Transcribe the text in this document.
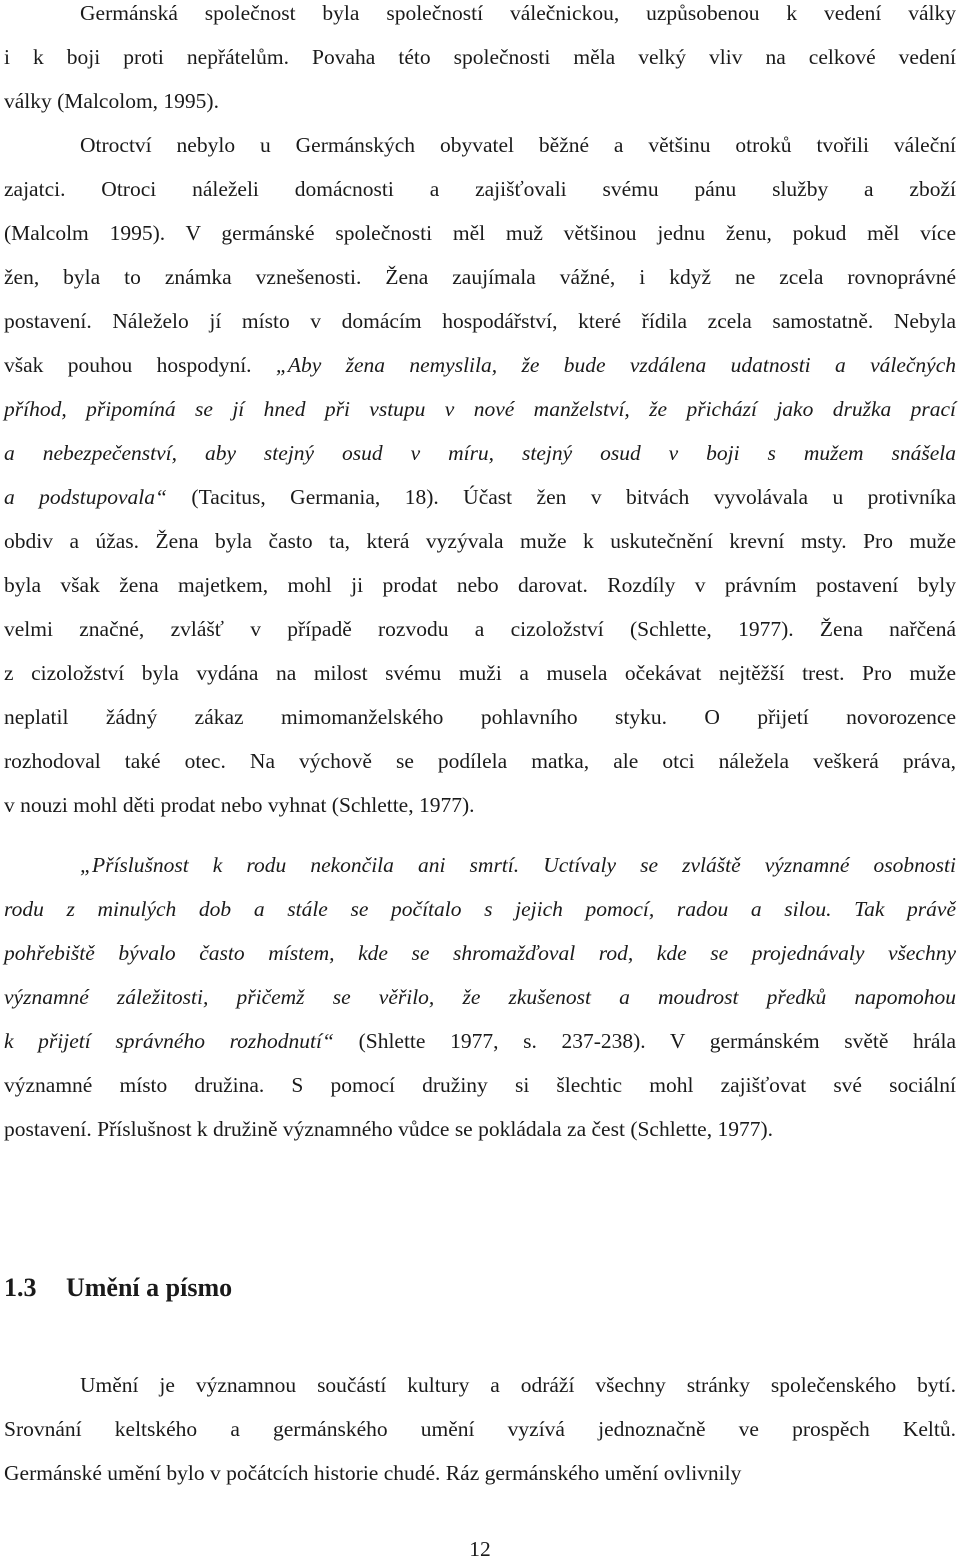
Germánská společnost byla společností válečnickou, uzpůsobenou k vedení války
i k boji proti nepřátelům. Povaha této společnosti měla velký vliv na celkové vedení
války (Malcolom, 1995).
Otroctví nebylo u Germánských obyvatel běžné a většinu otroků tvořili váleční
zajatci. Otroci náleželi domácnosti a zajišťovali svému pánu služby a zboží
(Malcolm 1995). V germánské společnosti měl muž většinou jednu ženu, pokud měl více
žen, byla to známka vznešenosti. Žena zaujímala vážné, i když ne zcela rovnoprávné
postavení. Náleželo jí místo v domácím hospodářství, které řídila zcela samostatně. Nebyla
však pouhou hospodyní. „Aby žena nemyslila, že bude vzdálena udatnosti a válečných
příhod, připomíná se jí hned při vstupu v nové manželství, že přichází jako družka prací
a nebezpečenství, aby stejný osud v míru, stejný osud v boji s mužem snášela
a podstupovala“ (Tacitus, Germania, 18). Účast žen v bitvách vyvolávala u protivníka
obdiv a úžas. Žena byla často ta, která vyzývala muže k uskutečnění krevní msty. Pro muže
byla však žena majetkem, mohl ji prodat nebo darovat. Rozdíly v právním postavení byly
velmi značné, zvlášť v případě rozvodu a cizoložství (Schlette, 1977). Žena nařčená
z cizoložství byla vydána na milost svému muži a musela očekávat nejtěžší trest. Pro muže
neplatil žádný zákaz mimomanželského pohlavního styku. O přijetí novorozence
rozhodoval také otec. Na výchově se podílela matka, ale otci náležela veškerá práva,
v nouzi mohl děti prodat nebo vyhnat (Schlette, 1977).
„Příslušnost k rodu nekončila ani smrtí. Uctívaly se zvláště významné osobnosti
rodu z minulých dob a stále se počítalo s jejich pomocí, radou a silou. Tak právě
pohřebiště bývalo často místem, kde se shromažďoval rod, kde se projednávaly všechny
významné záležitosti, přičemž se věřilo, že zkušenost a moudrost předků napomohou
k přijetí správného rozhodnutí“ (Shlette 1977, s. 237-238). V germánském světě hrála
významné místo družina. S pomocí družiny si šlechtic mohl zajišťovat své sociální
postavení. Příslušnost k družině významného vůdce se pokládala za čest (Schlette, 1977).
Umění je významnou součástí kultury a odráží všechny stránky společenského bytí.
Srovnání keltského a germánského umění vyzívá jednoznačně ve prospěch Keltů.
Germánské umění bylo v počátcích historie chudé. Ráz germánského umění ovlivnily
1.3 Umění a písmo
12
